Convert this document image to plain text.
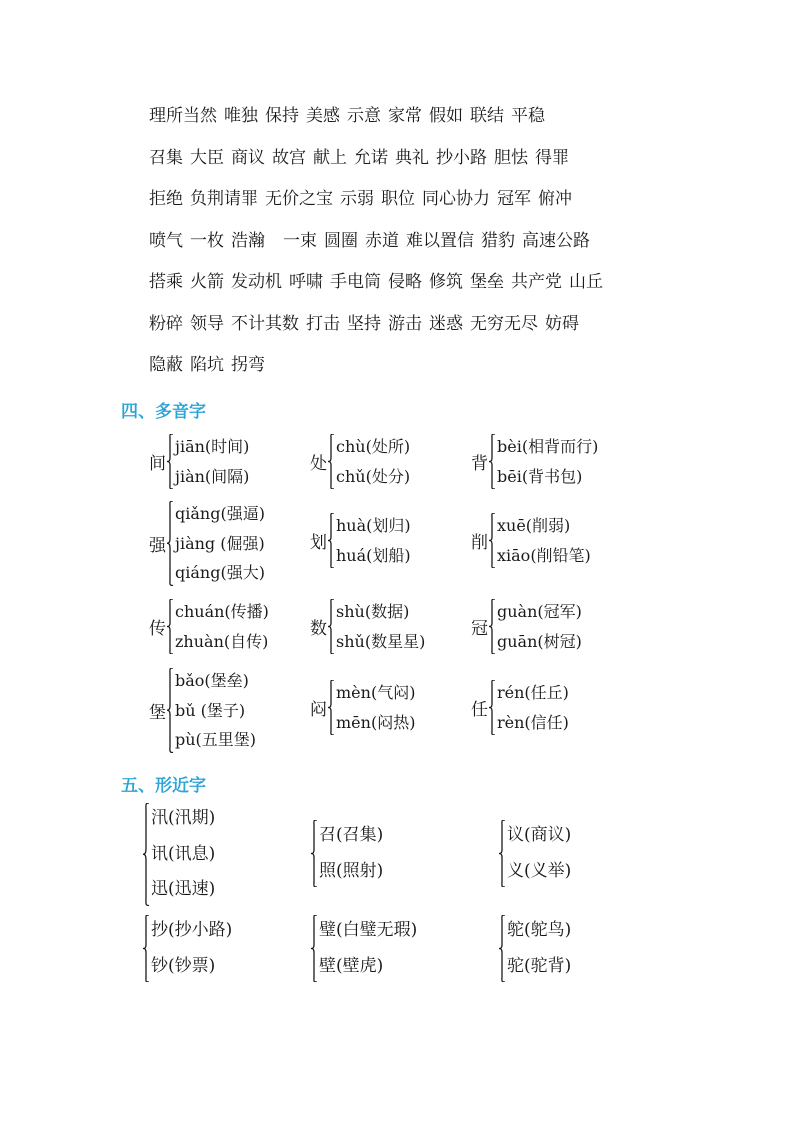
理所当然 唯独 保持 美感 示意 家常 假如 联结 平稳
召集 大臣 商议 故宫 献上 允诺 典礼 抄小路 胆怯 得罪
拒绝 负荆请罪 无价之宝 示弱 职位 同心协力 冠军 俯冲
喷气 一枚 浩瀚 一束 圆圈 赤道 难以置信 猎豹 高速公路
搭乘 火箭 发动机 呼啸 手电筒 侵略 修筑 堡垒 共产党 山丘
粉碎 领导 不计其数 打击 坚持 游击 迷惑 无穷无尽 妨碍
隐蔽 陷坑 拐弯
四、多音字
间
jiān(时间)
jiàn(间隔)
处
chù(处所)
chǔ(处分)
背
bèi(相背而行)
bēi(背书包)
强
qiǎng(强逼)
jiàng (倔强)
qiáng(强大)
划
huà(划归)
huá(划船)
削
xuē(削弱)
xiāo(削铅笔)
传
chuán(传播)
zhuàn(自传)
数
shù(数据)
shǔ(数星星)
冠
guàn(冠军)
guān(树冠)
堡
bǎo(堡垒)
bǔ (堡子)
pù(五里堡)
闷
mèn(气闷)
mēn(闷热)
任
rén(任丘)
rèn(信任)
五、形近字
汛(汛期)
讯(讯息)
迅(迅速)
召(召集)
照(照射)
议(商议)
义(义举)
抄(抄小路)
钞(钞票)
璧(白璧无瑕)
壁(壁虎)
鸵(鸵鸟)
驼(驼背)
